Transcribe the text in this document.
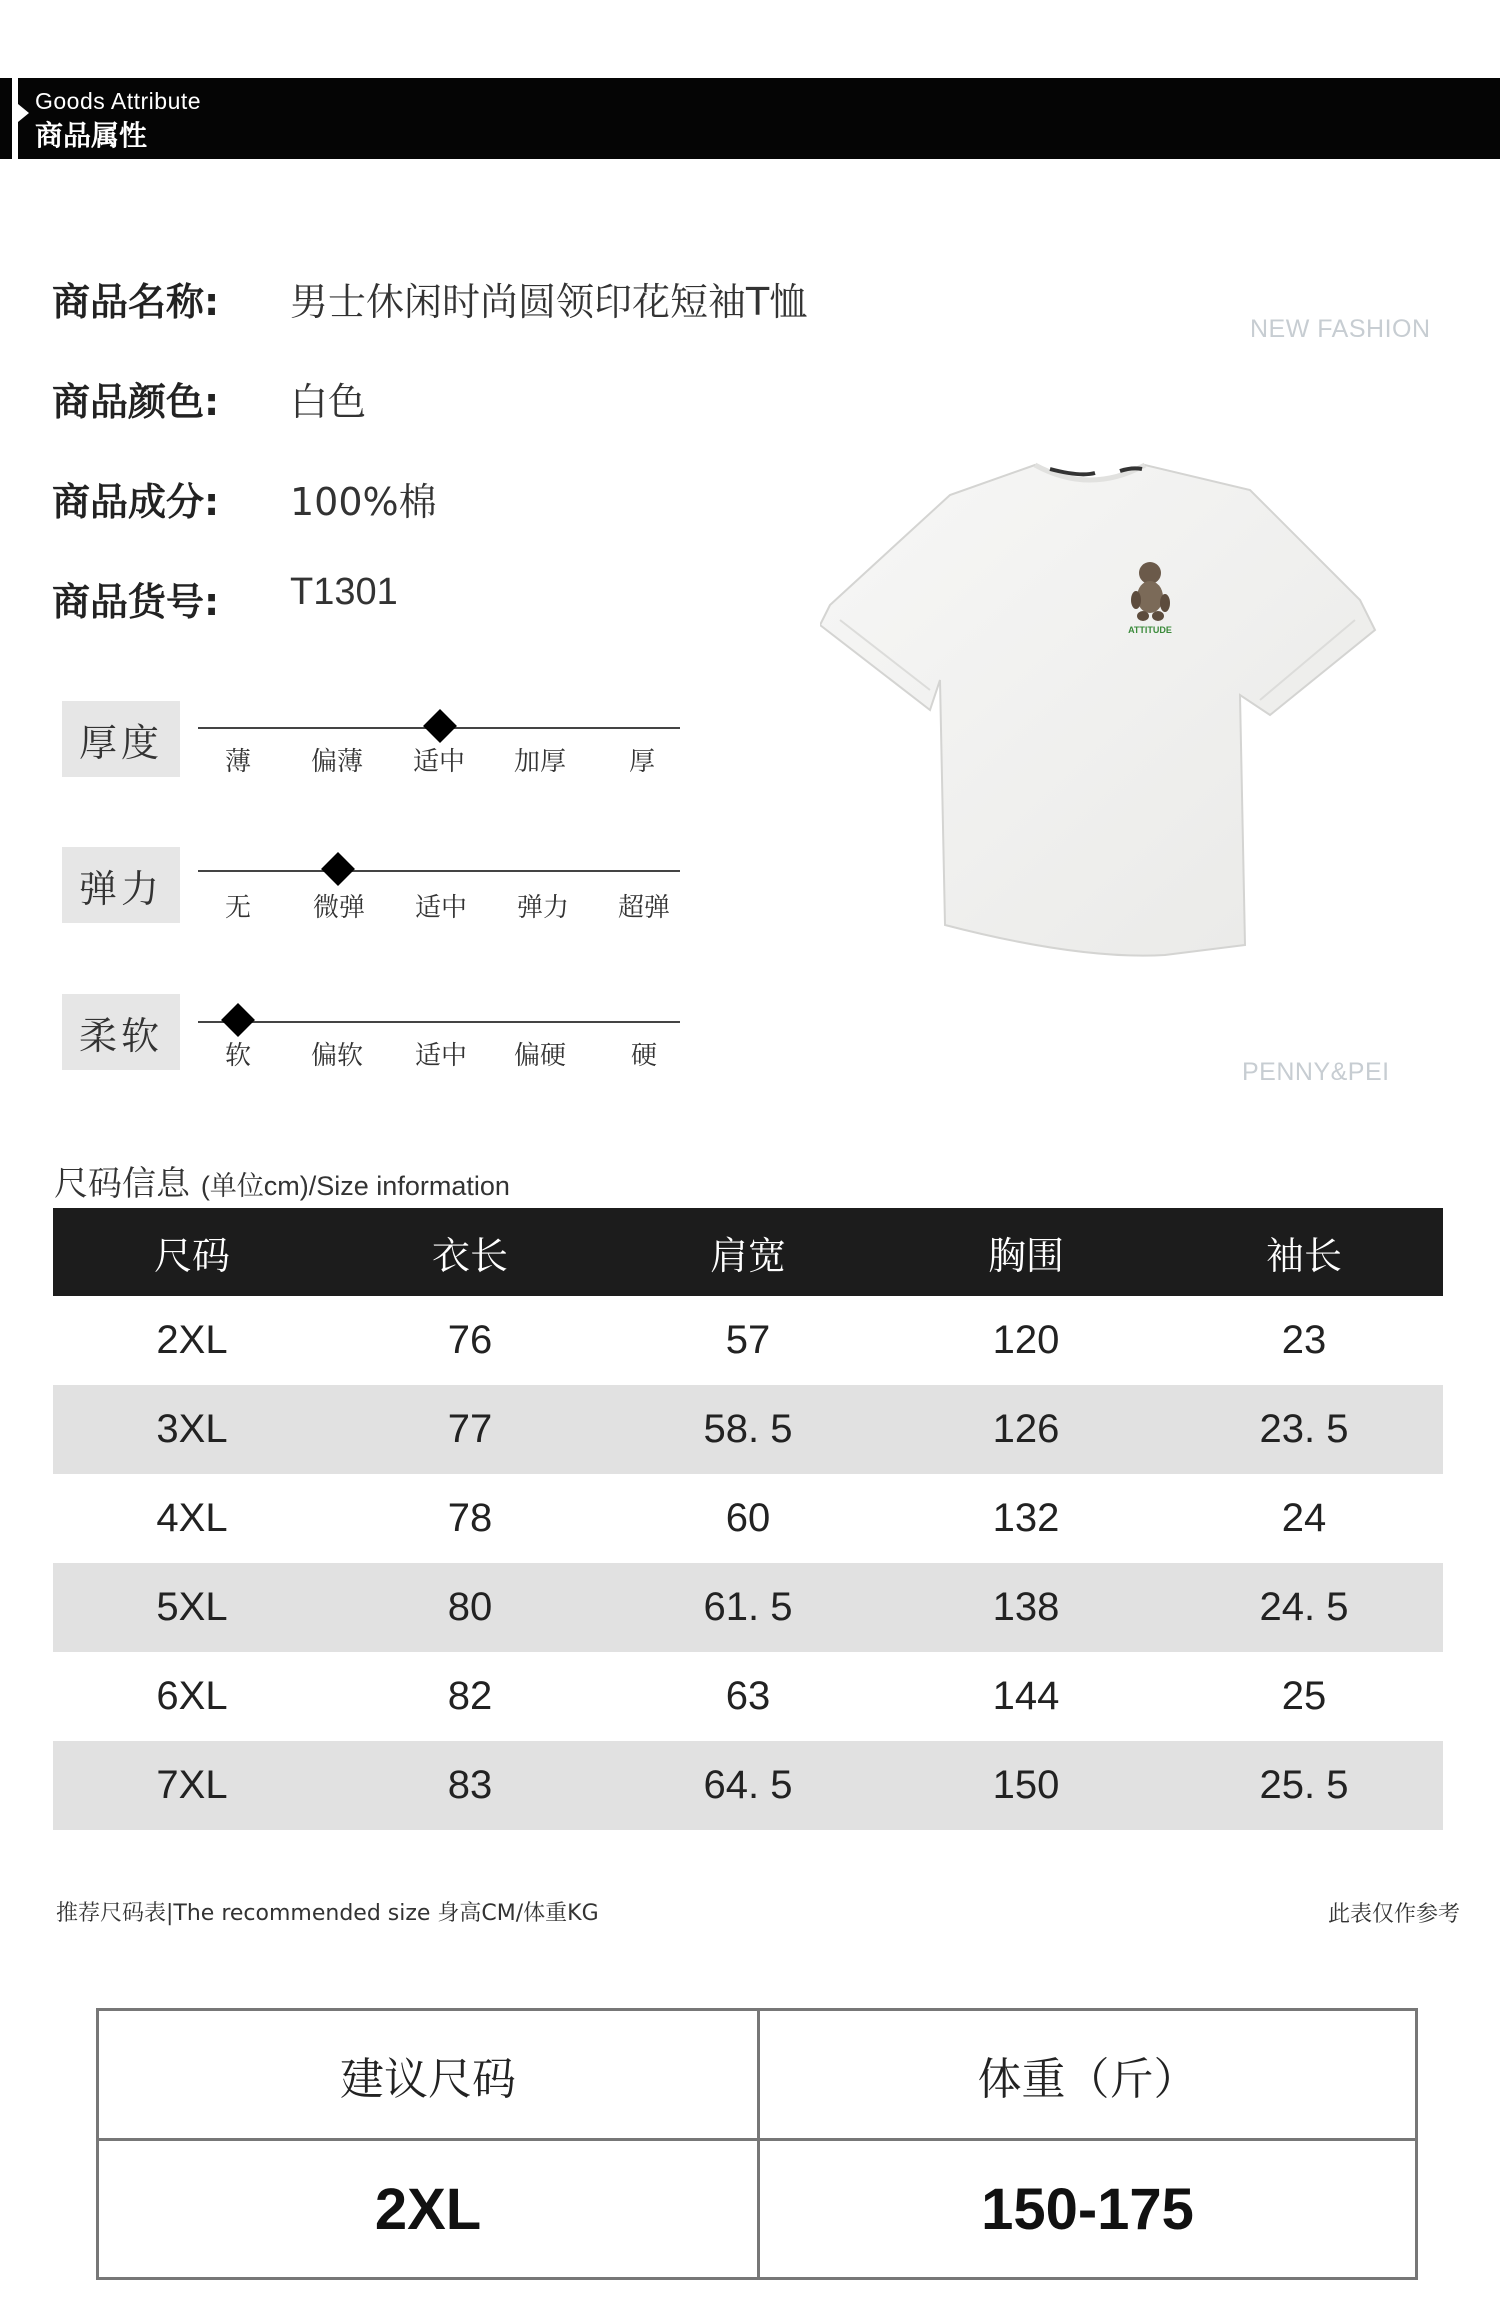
Goods Attribute
商品属性
商品名称: 男士休闲时尚圆领印花短袖T恤
商品颜色: 白色
商品成分: 100%棉
商品货号: T1301
NEW FASHION
PENNY&PEI
厚度	薄	偏薄	适中	加厚	厚
弹力	无	微弹	适中	弹力	超弹
柔软	软	偏软	适中	偏硬	硬
ATTITUDE
尺码信息 (单位cm)/Size information
尺码	衣长	肩宽	胸围	袖长
2XL	76	57	120	23
3XL	77	58. 5	126	23. 5
4XL	78	60	132	24
5XL	80	61. 5	138	24. 5
6XL	82	63	144	25
7XL	83	64. 5	150	25. 5
推荐尺码表|The recommended size 身高CM/体重KG	此表仅作参考
建议尺码	体重（斤）
2XL	150-175
